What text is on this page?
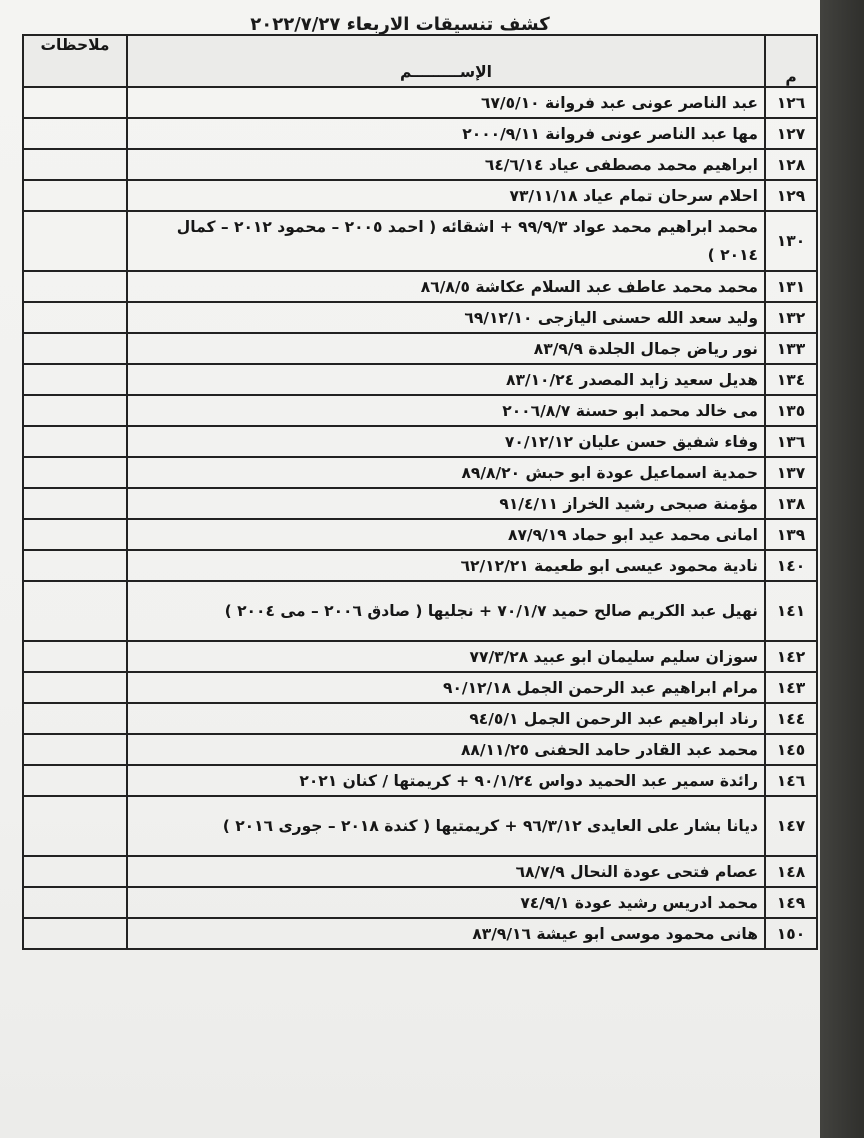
كشف تنسيقات الاربعاء ٢٠٢٢/٧/٢٧
م	الإســـــــــم	ملاحظات
١٢٦	عبد الناصر عونى عبد فروانة ٦٧/٥/١٠	
١٢٧	مها عبد الناصر عونى فروانة ٢٠٠٠/٩/١١	
١٢٨	ابراهيم محمد مصطفى عياد ٦٤/٦/١٤	
١٢٩	احلام سرحان تمام عياد ٧٣/١١/١٨	
١٣٠	محمد ابراهيم محمد عواد ٩٩/٩/٣ + اشقائه ( احمد ٢٠٠٥ – محمود ٢٠١٢ – كمال ٢٠١٤ )	
١٣١	محمد محمد عاطف عبد السلام عكاشة ٨٦/٨/٥	
١٣٢	وليد سعد الله حسنى اليازجى ٦٩/١٢/١٠	
١٣٣	نور رياض جمال الجلدة ٨٣/٩/٩	
١٣٤	هديل سعيد زايد المصدر ٨٣/١٠/٢٤	
١٣٥	مى خالد محمد ابو حسنة ٢٠٠٦/٨/٧	
١٣٦	وفاء شفيق حسن عليان ٧٠/١٢/١٢	
١٣٧	حمدية اسماعيل عودة ابو حبش ٨٩/٨/٢٠	
١٣٨	مؤمنة صبحى رشيد الخراز ٩١/٤/١١	
١٣٩	امانى محمد عيد ابو حماد ٨٧/٩/١٩	
١٤٠	نادية محمود عيسى ابو طعيمة ٦٢/١٢/٢١	
١٤١	نهيل عبد الكريم صالح حميد ٧٠/١/٧ + نجليها ( صادق ٢٠٠٦ – مى ٢٠٠٤ )	
١٤٢	سوزان سليم سليمان ابو عبيد ٧٧/٣/٢٨	
١٤٣	مرام ابراهيم عبد الرحمن الجمل ٩٠/١٢/١٨	
١٤٤	رناد ابراهيم عبد الرحمن الجمل ٩٤/٥/١	
١٤٥	محمد عبد القادر حامد الحفنى ٨٨/١١/٢٥	
١٤٦	رائدة سمير عبد الحميد دواس ٩٠/١/٢٤ + كريمتها / كنان ٢٠٢١	
١٤٧	ديانا بشار على العايدى ٩٦/٣/١٢ + كريمتيها ( كندة ٢٠١٨ – جورى ٢٠١٦ )	
١٤٨	عصام فتحى عودة النحال ٦٨/٧/٩	
١٤٩	محمد ادريس رشيد عودة ٧٤/٩/١	
١٥٠	هانى محمود موسى ابو عيشة ٨٣/٩/١٦	
